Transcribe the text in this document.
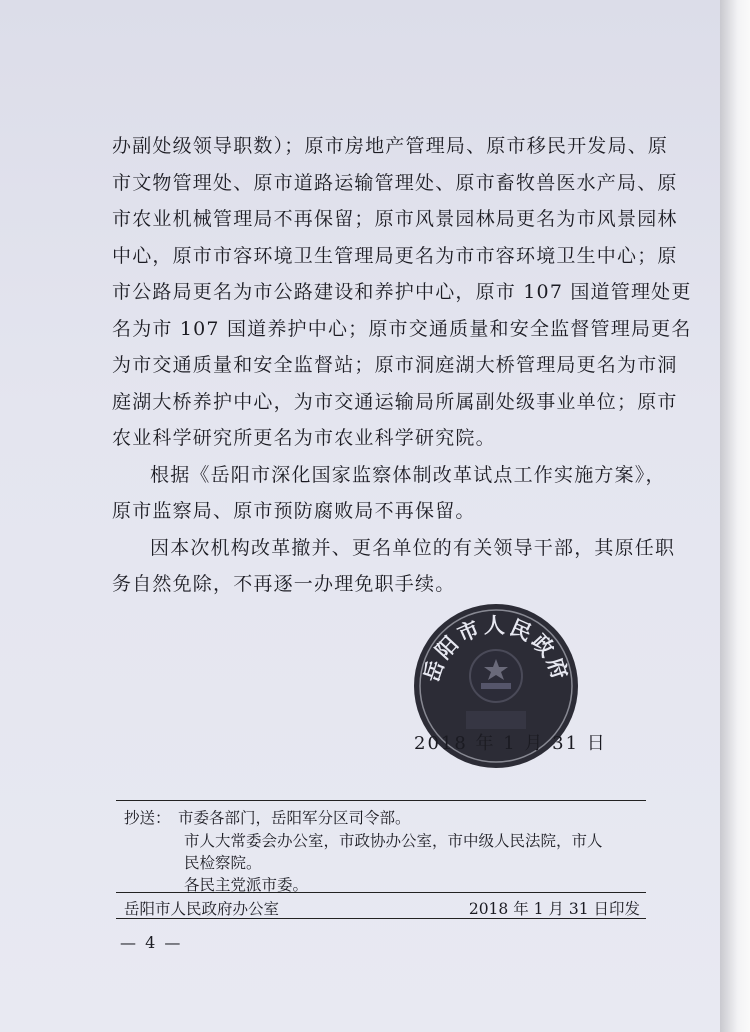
办副处级领导职数）；原市房地产管理局、原市移民开发局、原

市文物管理处、原市道路运输管理处、原市畜牧兽医水产局、原

市农业机械管理局不再保留；原市风景园林局更名为市风景园林

中心，原市市容环境卫生管理局更名为市市容环境卫生中心；原

市公路局更名为市公路建设和养护中心，原市 107 国道管理处更

名为市 107 国道养护中心；原市交通质量和安全监督管理局更名

为市交通质量和安全监督站；原市洞庭湖大桥管理局更名为市洞

庭湖大桥养护中心，为市交通运输局所属副处级事业单位；原市

农业科学研究所更名为市农业科学研究院。

根据《岳阳市深化国家监察体制改革试点工作实施方案》，

原市监察局、原市预防腐败局不再保留。

因本次机构改革撤并、更名单位的有关领导干部，其原任职

务自然免除，不再逐一办理免职手续。

岳阳市人民政府
2018 年 1 月 31 日
抄送： 市委各部门，岳阳军分区司令部。
市人大常委会办公室，市政协办公室，市中级人民法院，市人
民检察院。
各民主党派市委。
岳阳市人民政府办公室	2018 年 1 月 31 日印发
— 4 —
